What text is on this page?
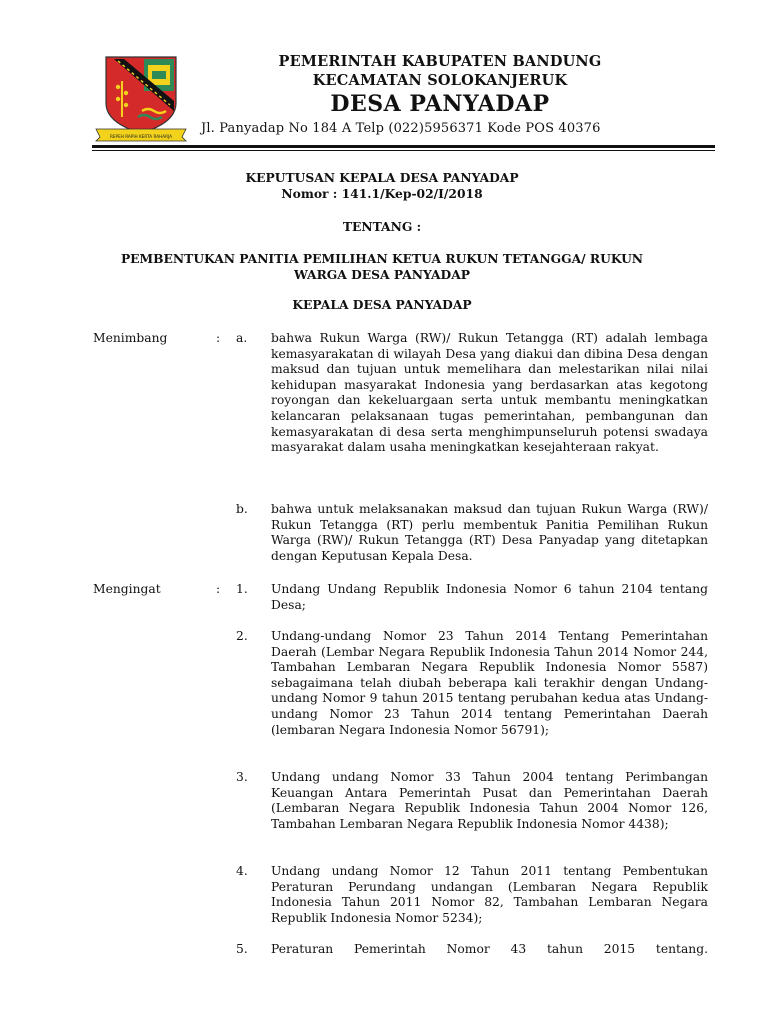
REPEH RAPIH KERTA RAHARJA
PEMERINTAH KABUPATEN BANDUNG
KECAMATAN SOLOKANJERUK
DESA PANYADAP
Jl. Panyadap No 184 A Telp (022)5956371 Kode POS 40376
KEPUTUSAN KEPALA DESA PANYADAP
Nomor : 141.1/Kep-02/I/2018
TENTANG :
PEMBENTUKAN PANITIA PEMILIHAN KETUA RUKUN TETANGGA/ RUKUN
WARGA DESA PANYADAP
KEPALA DESA PANYADAP
Menimbang	: a. bahwa Rukun Warga (RW)/ Rukun Tetangga (RT) adalah lembaga kemasyarakatan di wilayah Desa yang diakui dan dibina Desa dengan maksud dan tujuan untuk memelihara dan melestarikan nilai nilai kehidupan masyarakat Indonesia yang berdasarkan atas kegotong royongan dan kekeluargaan serta untuk membantu meningkatkan kelancaran pelaksanaan tugas pemerintahan, pembangunan dan kemasyarakatan di desa serta menghimpunseluruh potensi swadaya masyarakat dalam usaha meningkatkan kesejahteraan rakyat.
b. bahwa untuk melaksanakan maksud dan tujuan Rukun Warga (RW)/ Rukun Tetangga (RT) perlu membentuk Panitia Pemilihan Rukun Warga (RW)/ Rukun Tetangga (RT) Desa Panyadap yang ditetapkan dengan Keputusan Kepala Desa.
Mengingat	: 1. Undang Undang Republik Indonesia Nomor 6 tahun 2104 tentang Desa;
2. Undang-undang Nomor 23 Tahun 2014 Tentang Pemerintahan Daerah (Lembar Negara Republik Indonesia Tahun 2014 Nomor 244, Tambahan Lembaran Negara Republik Indonesia Nomor 5587) sebagaimana telah diubah beberapa kali terakhir dengan Undang-undang Nomor 9 tahun 2015 tentang perubahan kedua atas Undang-undang Nomor 23 Tahun 2014 tentang Pemerintahan Daerah (lembaran Negara Indonesia Nomor 56791);
3. Undang undang Nomor 33 Tahun 2004 tentang Perimbangan Keuangan Antara Pemerintah Pusat dan Pemerintahan Daerah (Lembaran Negara Republik Indonesia Tahun 2004 Nomor 126, Tambahan Lembaran Negara Republik Indonesia Nomor 4438);
4. Undang undang Nomor 12 Tahun 2011 tentang Pembentukan Peraturan Perundang undangan (Lembaran Negara Republik Indonesia Tahun 2011 Nomor 82, Tambahan Lembaran Negara Republik Indonesia Nomor 5234);
5. Peraturan Pemerintah Nomor 43 tahun 2015 tentang.
